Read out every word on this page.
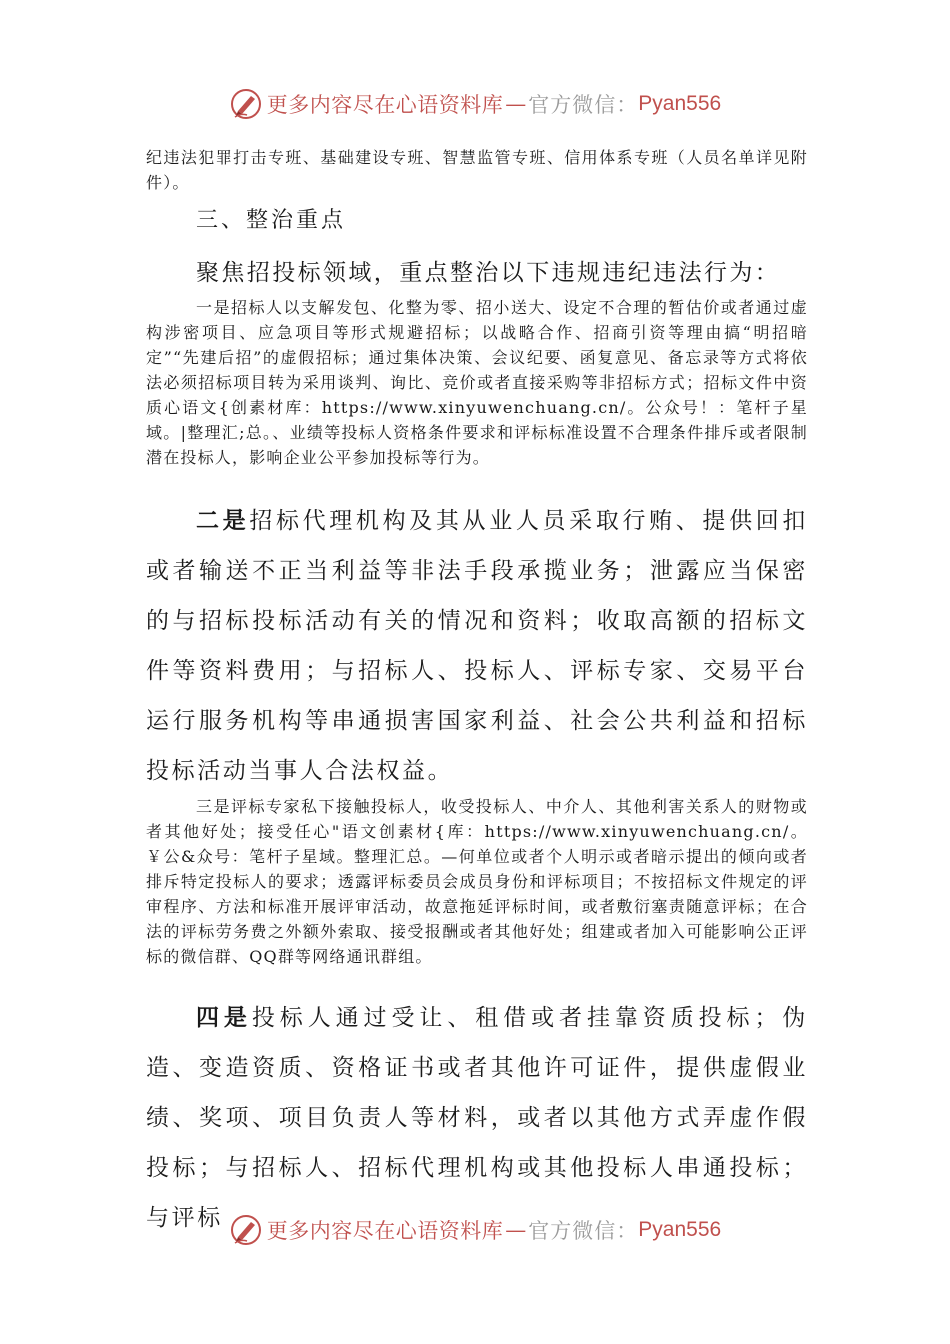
更多内容尽在心语资料库 — 官方微信： Pyan556

纪违法犯罪打击专班、基础建设专班、智慧监管专班、信用体系专班（人员名单详见附件）。

三、整治重点

聚焦招投标领域，重点整治以下违规违纪违法行为：

一是招标人以支解发包、化整为零、招小送大、设定不合理的暂估价或者通过虚构涉密项目、应急项目等形式规避招标；以战略合作、招商引资等理由搞“明招暗定”“先建后招”的虚假招标；通过集体决策、会议纪要、函复意见、备忘录等方式将依法必须招标项目转为采用谈判、询比、竞价或者直接采购等非招标方式；招标文件中资质心语文{创素材库：https://www.xinyuwenchuang.cn/。公众号！：笔杆子星域。|整理汇;总。、业绩等投标人资格条件要求和评标标准设置不合理条件排斥或者限制潜在投标人，影响企业公平参加投标等行为。

二是招标代理机构及其从业人员采取行贿、提供回扣或者输送不正当利益等非法手段承揽业务；泄露应当保密的与招标投标活动有关的情况和资料；收取高额的招标文件等资料费用；与招标人、投标人、评标专家、交易平台运行服务机构等串通损害国家利益、社会公共利益和招标投标活动当事人合法权益。

三是评标专家私下接触投标人，收受投标人、中介人、其他利害关系人的财物或者其他好处；接受任心"语文创素材{库：https://www.xinyuwenchuang.cn/。￥公&众号：笔杆子星域。整理汇总。—何单位或者个人明示或者暗示提出的倾向或者排斥特定投标人的要求；透露评标委员会成员身份和评标项目；不按招标文件规定的评审程序、方法和标准开展评审活动，故意拖延评标时间，或者敷衍塞责随意评标；在合法的评标劳务费之外额外索取、接受报酬或者其他好处；组建或者加入可能影响公正评标的微信群、QQ群等网络通讯群组。

四是投标人通过受让、租借或者挂靠资质投标；伪造、变造资质、资格证书或者其他许可证件，提供虚假业绩、奖项、项目负责人等材料，或者以其他方式弄虚作假投标；与招标人、招标代理机构或其他投标人串通投标；与评标	更多内容尽在心语资料库 — 官方微信： Pyan556
